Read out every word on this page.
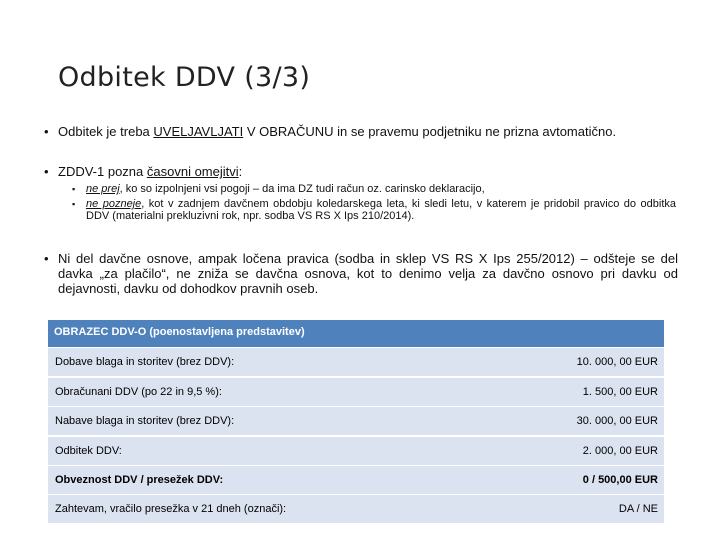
Odbitek DDV (3/3)
• Odbitek je treba UVELJAVLJATI V OBRAČUNU in se pravemu podjetniku ne prizna avtomatično.
• ZDDV-1 pozna časovni omejitvi:
▪ ne prej, ko so izpolnjeni vsi pogoji – da ima DZ tudi račun oz. carinsko deklaracijo,
▪ ne pozneje, kot v zadnjem davčnem obdobju koledarskega leta, ki sledi letu, v katerem je pridobil pravico do odbitka DDV (materialni prekluzivni rok, npr. sodba VS RS X Ips 210/2014).
• Ni del davčne osnove, ampak ločena pravica (sodba in sklep VS RS X Ips 255/2012) – odšteje se del davka „za plačilo“, ne zniža se davčna osnova, kot to denimo velja za davčno osnovo pri davku od dejavnosti, davku od dohodkov pravnih oseb.
OBRAZEC DDV-O (poenostavljena predstavitev)
Dobave blaga in storitev (brez DDV):	10. 000, 00 EUR
Obračunani DDV (po 22 in 9,5 %):	1. 500, 00 EUR
Nabave blaga in storitev (brez DDV):	30. 000, 00 EUR
Odbitek DDV:	2. 000, 00 EUR
Obveznost DDV / presežek DDV:	0 / 500,00 EUR
Zahtevam, vračilo presežka v 21 dneh (označi):	DA / NE
